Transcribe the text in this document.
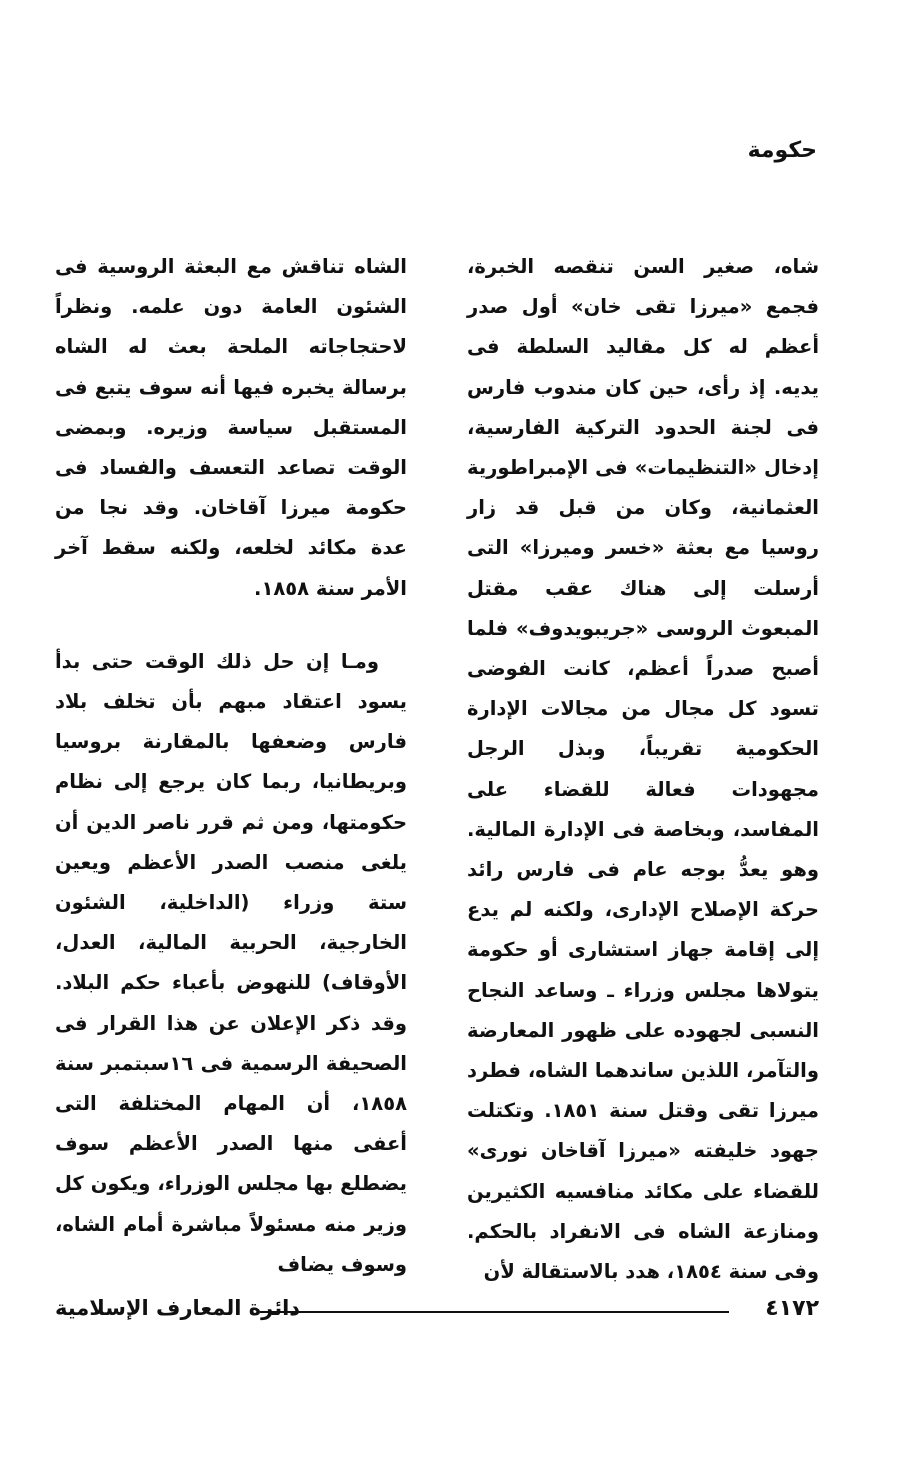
حكومة

شاه، صغير السن تنقصه الخبرة، فجمع «ميرزا تقى خان» أول صدر أعظم له كل مقاليد السلطة فى يديه. إذ رأى، حين كان مندوب فارس فى لجنة الحدود التركية الفارسية، إدخال «التنظيمات» فى الإمبراطورية العثمانية، وكان من قبل قد زار روسيا مع بعثة «خسر وميرزا» التى أرسلت إلى هناك عقب مقتل المبعوث الروسى «جريبويدوف» فلما أصبح صدراً أعظم، كانت الفوضى تسود كل مجال من مجالات الإدارة الحكومية تقريباً، وبذل الرجل مجهودات فعالة للقضاء على المفاسد، وبخاصة فى الإدارة المالية. وهو يعدُّ بوجه عام فى فارس رائد حركة الإصلاح الإدارى، ولكنه لم يدع إلى إقامة جهاز استشارى أو حكومة يتولاها مجلس وزراء ـ وساعد النجاح النسبى لجهوده على ظهور المعارضة والتآمر، اللذين ساندهما الشاه، فطرد ميرزا تقى وقتل سنة ١٨٥١. وتكتلت جهود خليفته «ميرزا آقاخان نورى» للقضاء على مكائد منافسيه الكثيرين ومنازعة الشاه فى الانفراد بالحكم. وفى سنة ١٨٥٤، هدد بالاستقالة لأن

الشاه تناقش مع البعثة الروسية فى الشئون العامة دون علمه. ونظراً لاحتجاجاته الملحة بعث له الشاه برسالة يخبره فيها أنه سوف يتبع فى المستقبل سياسة وزيره. وبمضى الوقت تصاعد التعسف والفساد فى حكومة ميرزا آقاخان. وقد نجا من عدة مكائد لخلعه، ولكنه سقط آخر الأمر سنة ١٨٥٨.

ومـا إن حل ذلك الوقت حتى بدأ يسود اعتقاد مبهم بأن تخلف بلاد فارس وضعفها بالمقارنة بروسيا وبريطانيا، ربما كان يرجع إلى نظام حكومتها، ومن ثم قرر ناصر الدين أن يلغى منصب الصدر الأعظم ويعين ستة وزراء (الداخلية، الشئون الخارجية، الحربية المالية، العدل، الأوقاف) للنهوض بأعباء حكم البلاد. وقد ذكر الإعلان عن هذا القرار فى الصحيفة الرسمية فى ١٦سبتمبر سنة ١٨٥٨، أن المهام المختلفة التى أعفى منها الصدر الأعظم سوف يضطلع بها مجلس الوزراء، ويكون كل وزير منه مسئولاً مباشرة أمام الشاه، وسوف يضاف

٤١٧٢
دائرة المعارف الإسلامية
